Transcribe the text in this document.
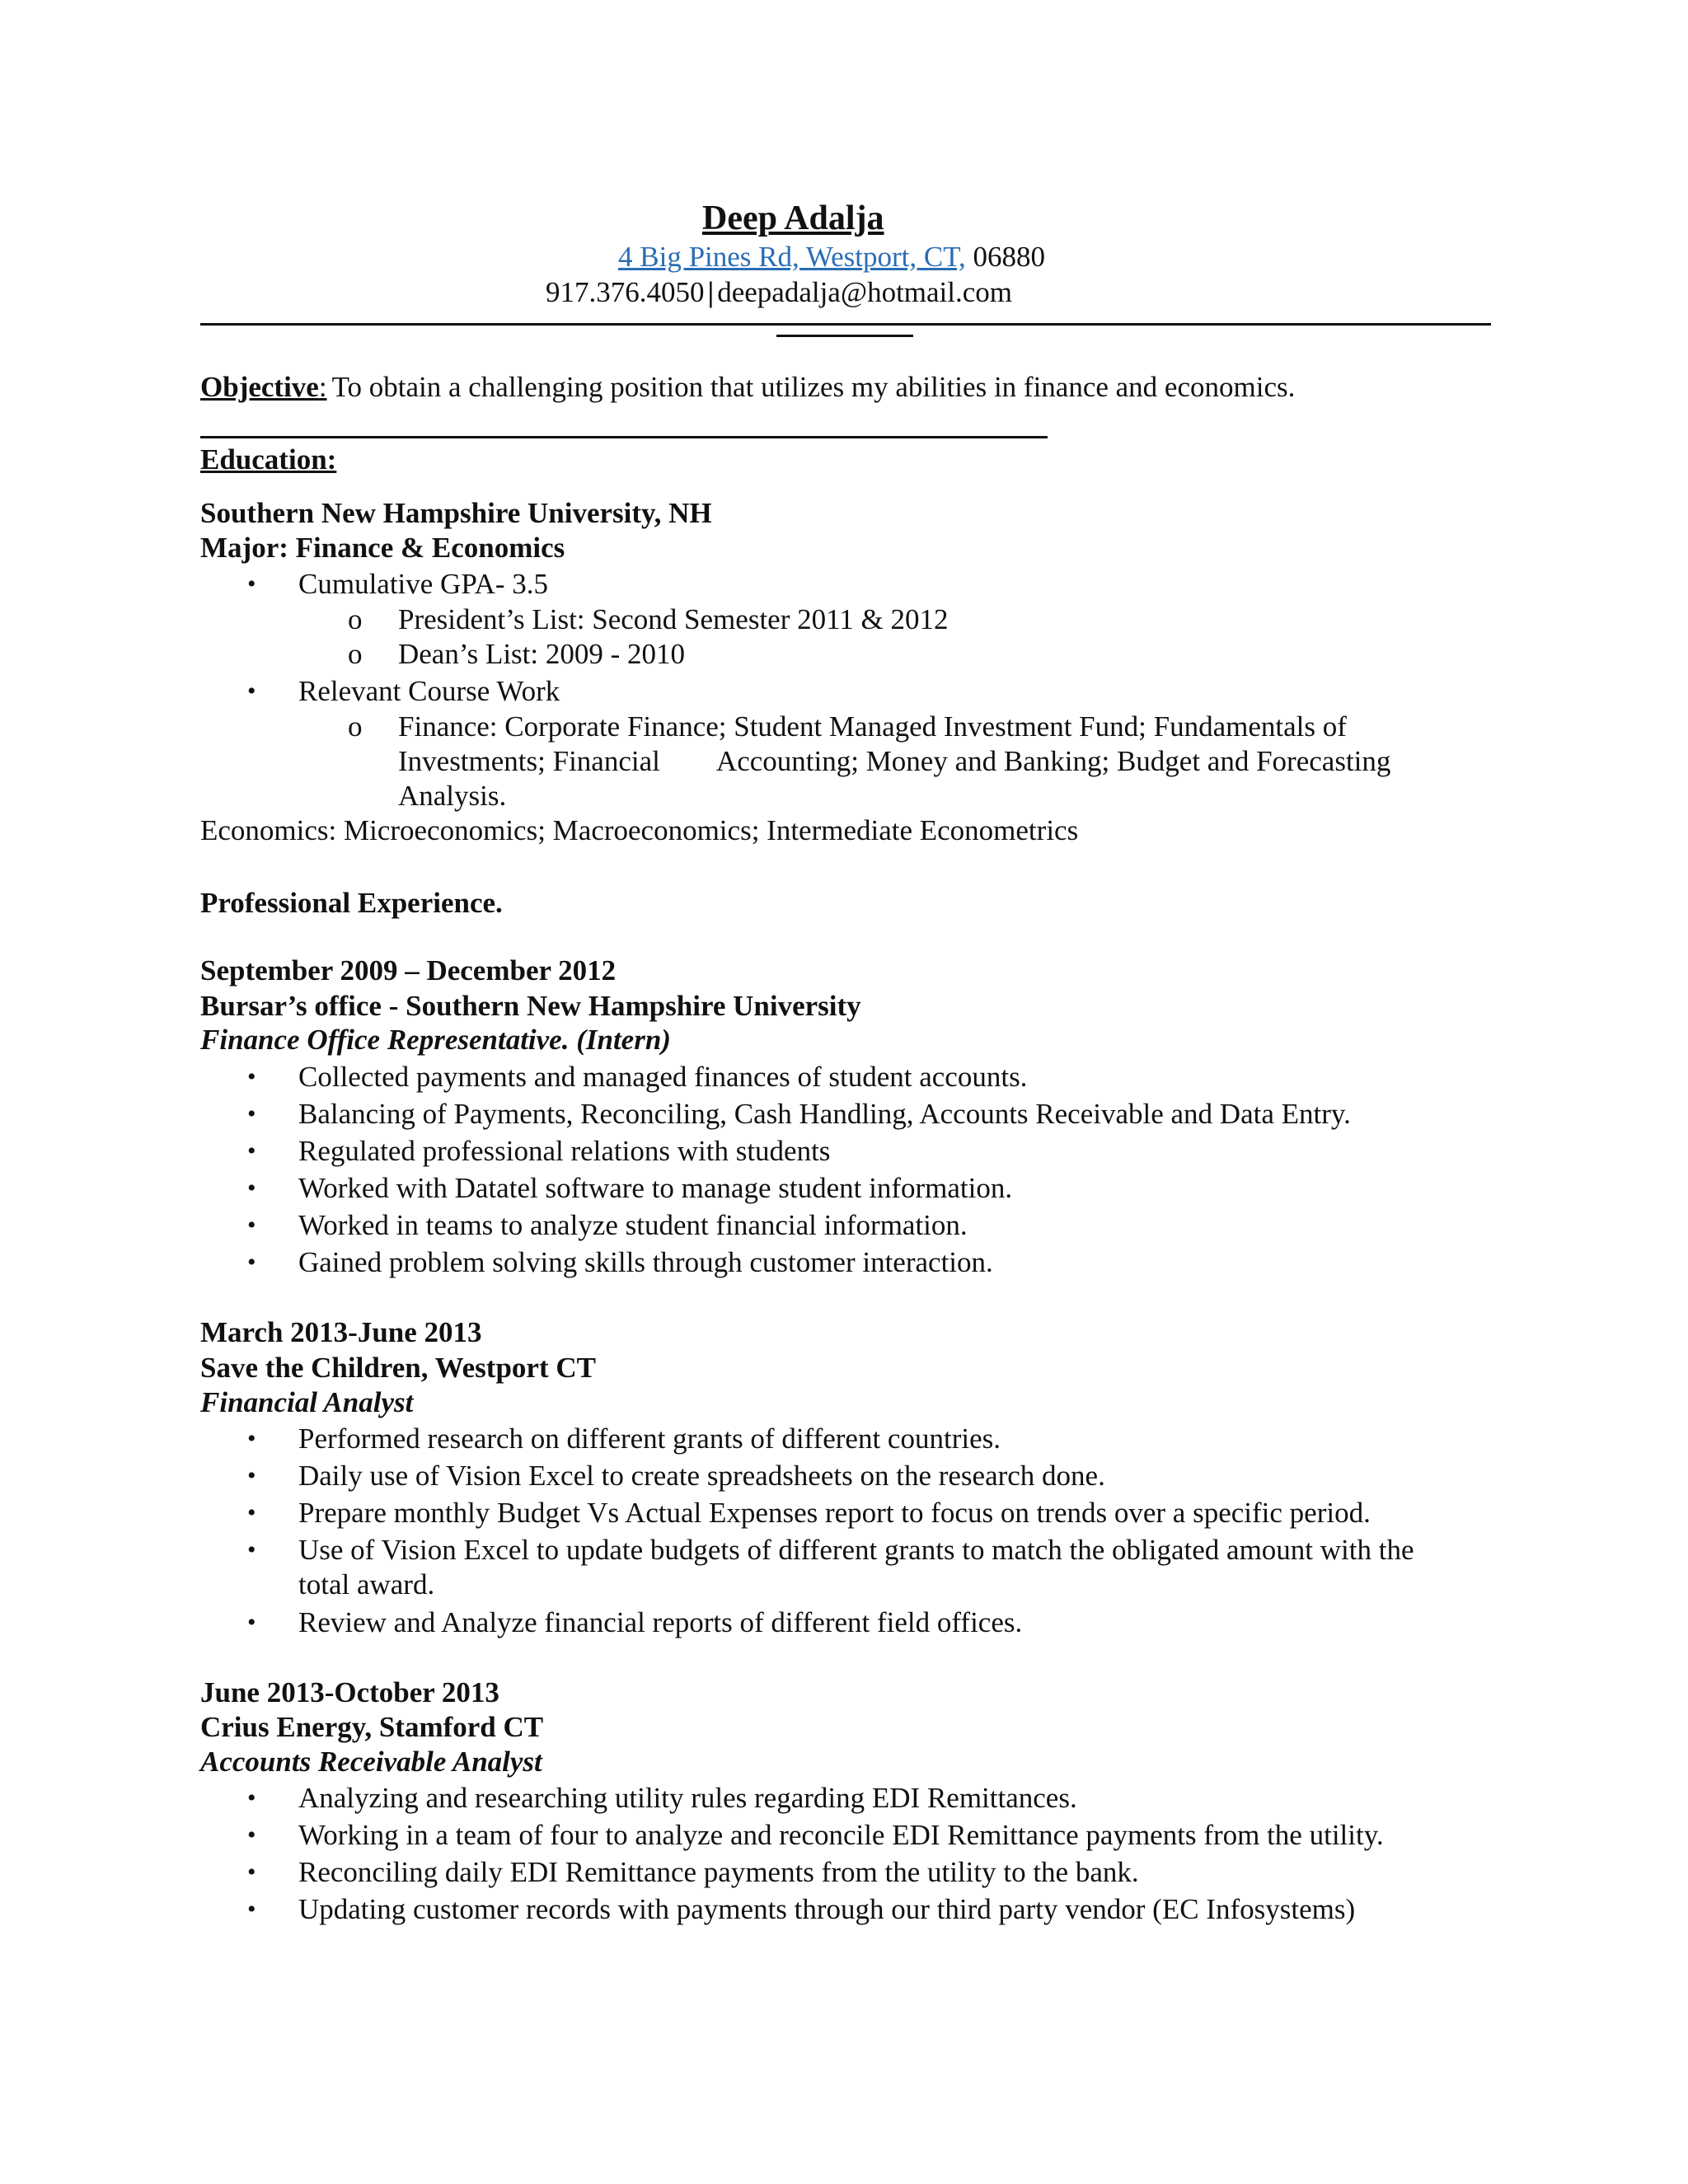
Deep Adalja
4 Big Pines Rd, Westport, CT, 06880
917.376.4050 | deepadalja@hotmail.com
Objective: To obtain a challenging position that utilizes my abilities in finance and economics.
Education:
Southern New Hampshire University, NH
Major: Finance & Economics
• Cumulative GPA- 3.5
o President’s List: Second Semester 2011 & 2012
o Dean’s List: 2009 - 2010
• Relevant Course Work
o Finance: Corporate Finance; Student Managed Investment Fund; Fundamentals of
Investments; Financial        Accounting; Money and Banking; Budget and Forecasting
Analysis.
Economics: Microeconomics; Macroeconomics; Intermediate Econometrics
Professional Experience.
September 2009 – December 2012
Bursar’s office - Southern New Hampshire University
Finance Office Representative. (Intern)
• Collected payments and managed finances of student accounts.
• Balancing of Payments, Reconciling, Cash Handling, Accounts Receivable and Data Entry.
• Regulated professional relations with students
• Worked with Datatel software to manage student information.
• Worked in teams to analyze student financial information.
• Gained problem solving skills through customer interaction.
March 2013-June 2013
Save the Children, Westport CT
Financial Analyst
• Performed research on different grants of different countries.
• Daily use of Vision Excel to create spreadsheets on the research done.
• Prepare monthly Budget Vs Actual Expenses report to focus on trends over a specific period.
• Use of Vision Excel to update budgets of different grants to match the obligated amount with the
total award.
• Review and Analyze financial reports of different field offices.
June 2013-October 2013
Crius Energy, Stamford CT
Accounts Receivable Analyst
• Analyzing and researching utility rules regarding EDI Remittances.
• Working in a team of four to analyze and reconcile EDI Remittance payments from the utility.
• Reconciling daily EDI Remittance payments from the utility to the bank.
• Updating customer records with payments through our third party vendor (EC Infosystems)
